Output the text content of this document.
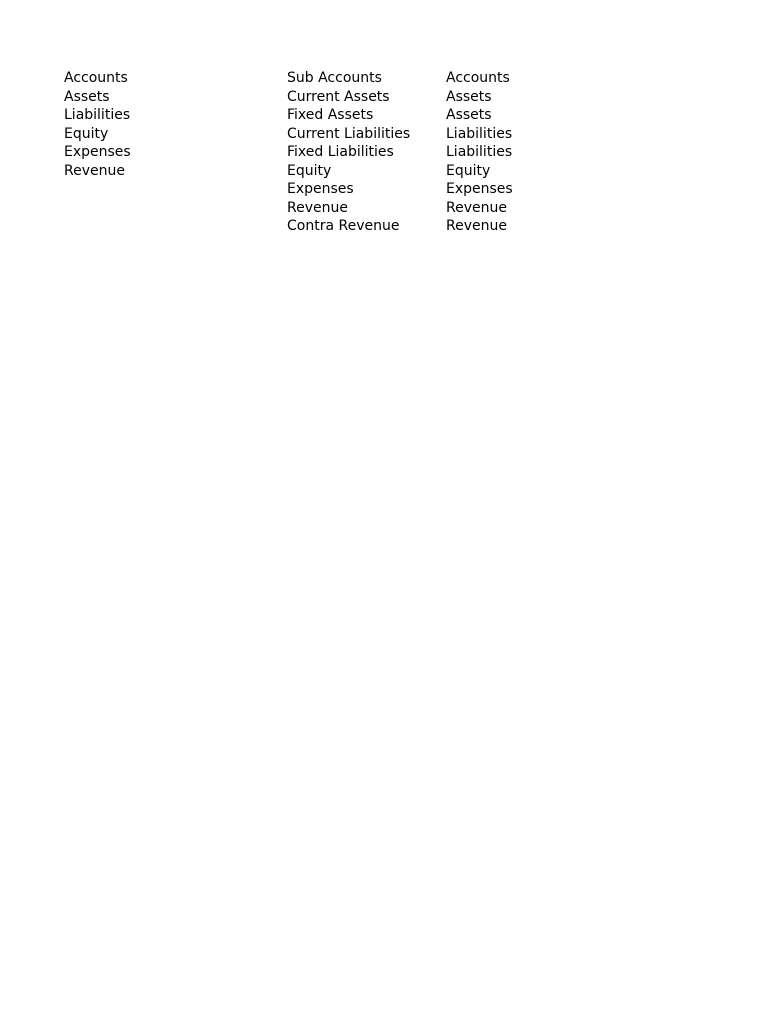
Accounts
Assets
Liabilities
Equity
Expenses
Revenue
Sub Accounts
Current Assets
Fixed Assets
Current Liabilities
Fixed Liabilities
Equity
Expenses
Revenue
Contra Revenue
Accounts
Assets
Assets
Liabilities
Liabilities
Equity
Expenses
Revenue
Revenue
